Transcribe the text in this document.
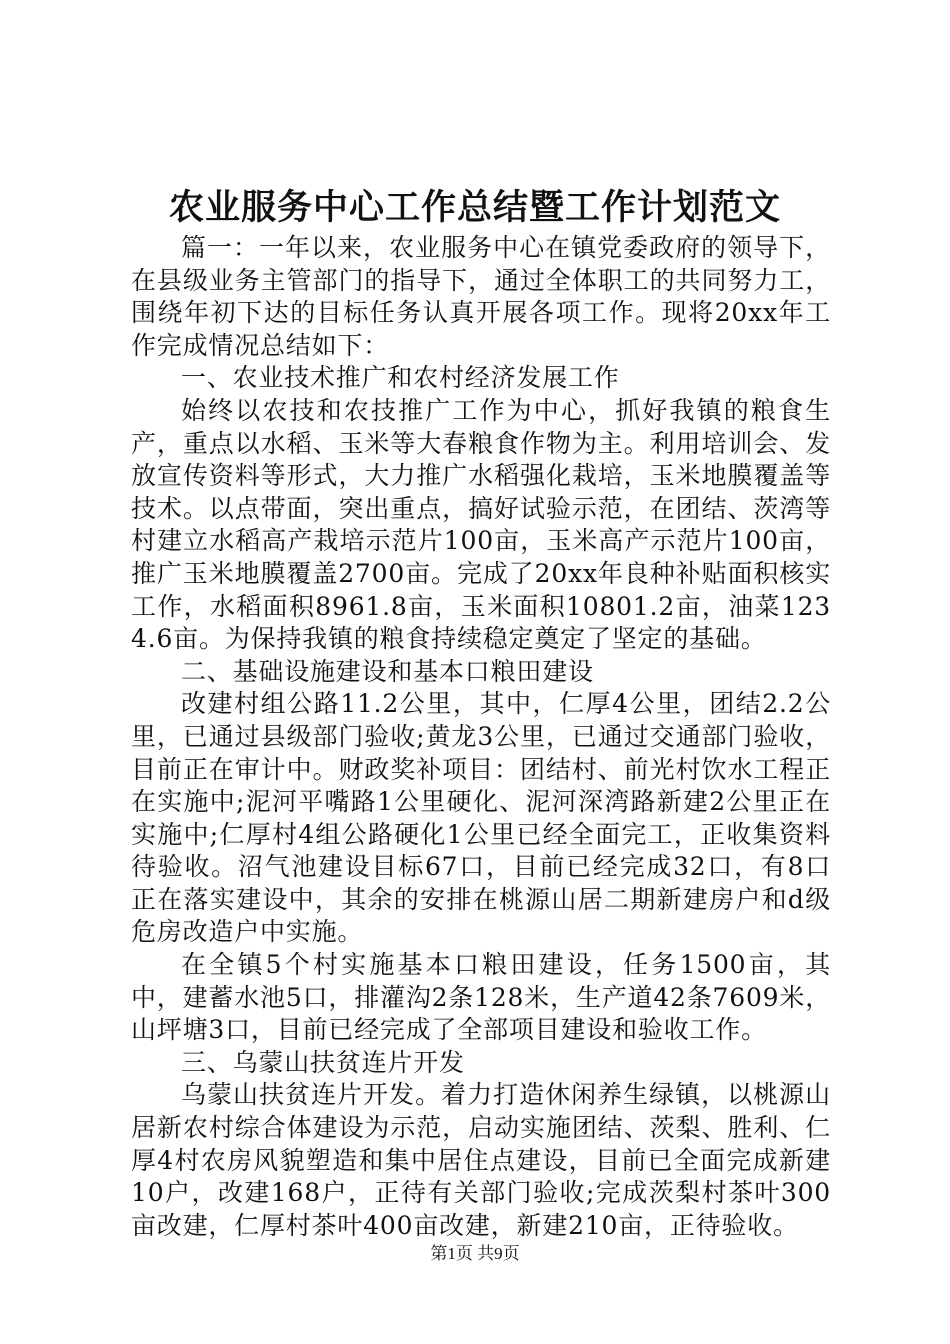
农业服务中心工作总结暨工作计划范文

篇一：一年以来，农业服务中心在镇党委政府的领导下，在县级业务主管部门的指导下，通过全体职工的共同努力工，围绕年初下达的目标任务认真开展各项工作。现将20xx年工作完成情况总结如下：

一、农业技术推广和农村经济发展工作

始终以农技和农技推广工作为中心，抓好我镇的粮食生产，重点以水稻、玉米等大春粮食作物为主。利用培训会、发放宣传资料等形式，大力推广水稻强化栽培，玉米地膜覆盖等技术。以点带面，突出重点，搞好试验示范，在团结、茨湾等村建立水稻高产栽培示范片100亩，玉米高产示范片100亩，推广玉米地膜覆盖2700亩。完成了20xx年良种补贴面积核实工作，水稻面积8961.8亩，玉米面积10801.2亩，油菜1234.6亩。为保持我镇的粮食持续稳定奠定了坚定的基础。

二、基础设施建设和基本口粮田建设

改建村组公路11.2公里，其中，仁厚4公里，团结2.2公里，已通过县级部门验收;黄龙3公里，已通过交通部门验收，目前正在审计中。财政奖补项目：团结村、前光村饮水工程正在实施中;泥河平嘴路1公里硬化、泥河深湾路新建2公里正在实施中;仁厚村4组公路硬化1公里已经全面完工，正收集资料待验收。沼气池建设目标67口，目前已经完成32口，有8口正在落实建设中，其余的安排在桃源山居二期新建房户和d级危房改造户中实施。

在全镇5个村实施基本口粮田建设，任务1500亩，其中，建蓄水池5口，排灌沟2条128米，生产道42条7609米，山坪塘3口，目前已经完成了全部项目建设和验收工作。

三、乌蒙山扶贫连片开发

乌蒙山扶贫连片开发。着力打造休闲养生绿镇，以桃源山居新农村综合体建设为示范，启动实施团结、茨梨、胜利、仁厚4村农房风貌塑造和集中居住点建设，目前已全面完成新建10户，改建168户，正待有关部门验收;完成茨梨村茶叶300亩改建，仁厚村茶叶400亩改建，新建210亩，正待验收。

第1页 共9页
